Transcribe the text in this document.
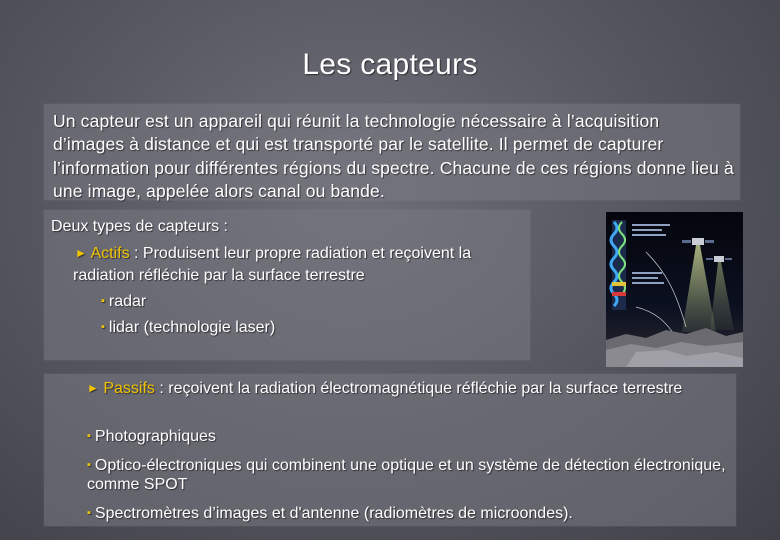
Les capteurs
Un capteur est un appareil qui réunit la technologie nécessaire à l’acquisition d’images à distance et qui est transporté par le satellite. Il permet de capturer l’information pour différentes régions du spectre. Chacune de ces régions donne lieu à une image, appelée alors canal ou bande.
Deux types de capteurs :
► Actifs : Produisent leur propre radiation et reçoivent la
radiation réfléchie par la surface terrestre
▪ radar
▪ lidar (technologie laser)
www.cyberastro.edu
► Passifs : reçoivent la radiation électromagnétique réfléchie par la surface terrestre
▪ Photographiques
▪ Optico-électroniques qui combinent une optique et un système de détection électronique, comme SPOT
▪ Spectromètres d’images et d'antenne (radiomètres de microondes).
